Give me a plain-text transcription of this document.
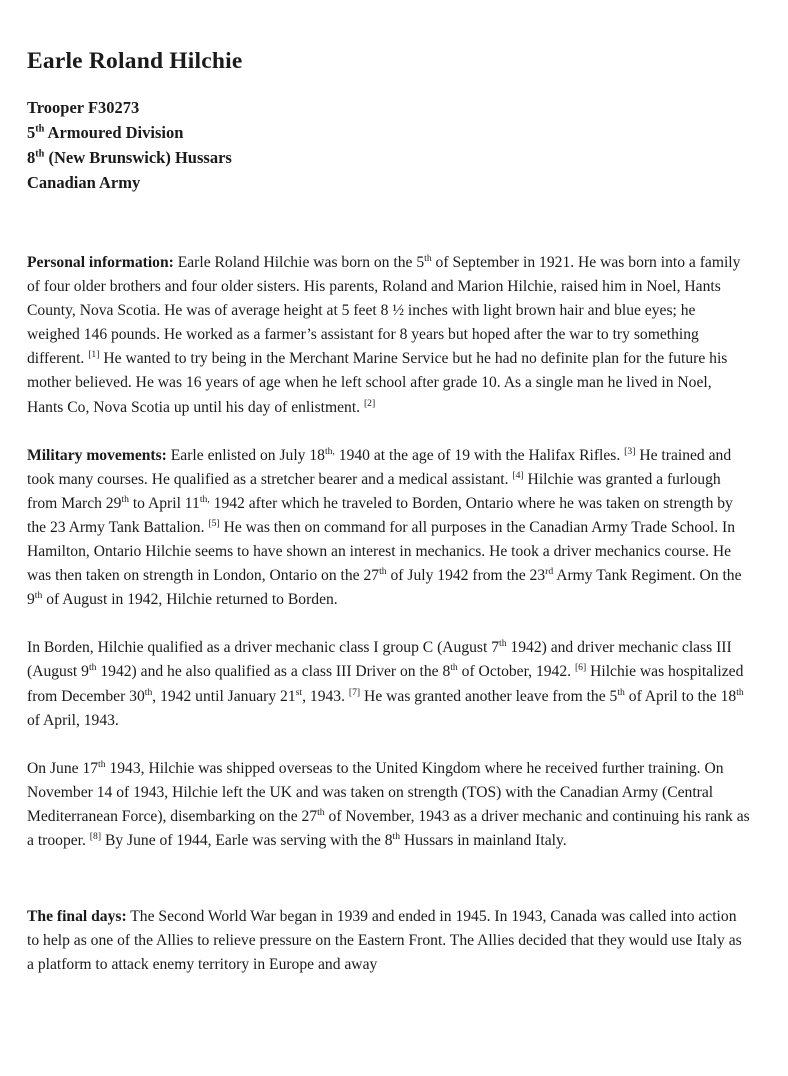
Earle Roland Hilchie
Trooper F30273
5th Armoured Division
8th (New Brunswick) Hussars
Canadian Army

Personal information: Earle Roland Hilchie was born on the 5th of September in 1921. He was born into a family of four older brothers and four older sisters. His parents, Roland and Marion Hilchie, raised him in Noel, Hants County, Nova Scotia. He was of average height at 5 feet 8 ½ inches with light brown hair and blue eyes; he weighed 146 pounds. He worked as a farmer’s assistant for 8 years but hoped after the war to try something different. [1] He wanted to try being in the Merchant Marine Service but he had no definite plan for the future his mother believed. He was 16 years of age when he left school after grade 10. As a single man he lived in Noel, Hants Co, Nova Scotia up until his day of enlistment. [2]

Military movements: Earle enlisted on July $18^{th,}$ 1940 at the age of 19 with the Halifax Rifles. [3] He trained and took many courses. He qualified as a stretcher bearer and a medical assistant. [4] Hilchie was granted a furlough from March 29th to April $11^{th,}$ 1942 after which he traveled to Borden, Ontario where he was taken on strength by the 23 Army Tank Battalion. [5] He was then on command for all purposes in the Canadian Army Trade School. In Hamilton, Ontario Hilchie seems to have shown an interest in mechanics. He took a driver mechanics course. He was then taken on strength in London, Ontario on the 27th of July 1942 from the 23rd Army Tank Regiment. On the 9th of August in 1942, Hilchie returned to Borden.

In Borden, Hilchie qualified as a driver mechanic class I group C (August 7th 1942) and driver mechanic class III (August 9th 1942) and he also qualified as a class III Driver on the 8th of October, 1942. [6] Hilchie was hospitalized from December 30th, 1942 until January 21st, 1943. [7] He was granted another leave from the 5th of April to the 18th of April, 1943.

On June 17th 1943, Hilchie was shipped overseas to the United Kingdom where he received further training. On November 14 of 1943, Hilchie left the UK and was taken on strength (TOS) with the Canadian Army (Central Mediterranean Force), disembarking on the 27th of November, 1943 as a driver mechanic and continuing his rank as a trooper. [8] By June of 1944, Earle was serving with the 8th Hussars in mainland Italy.

The final days: The Second World War began in 1939 and ended in 1945. In 1943, Canada was called into action to help as one of the Allies to relieve pressure on the Eastern Front. The Allies decided that they would use Italy as a platform to attack enemy territory in Europe and away
